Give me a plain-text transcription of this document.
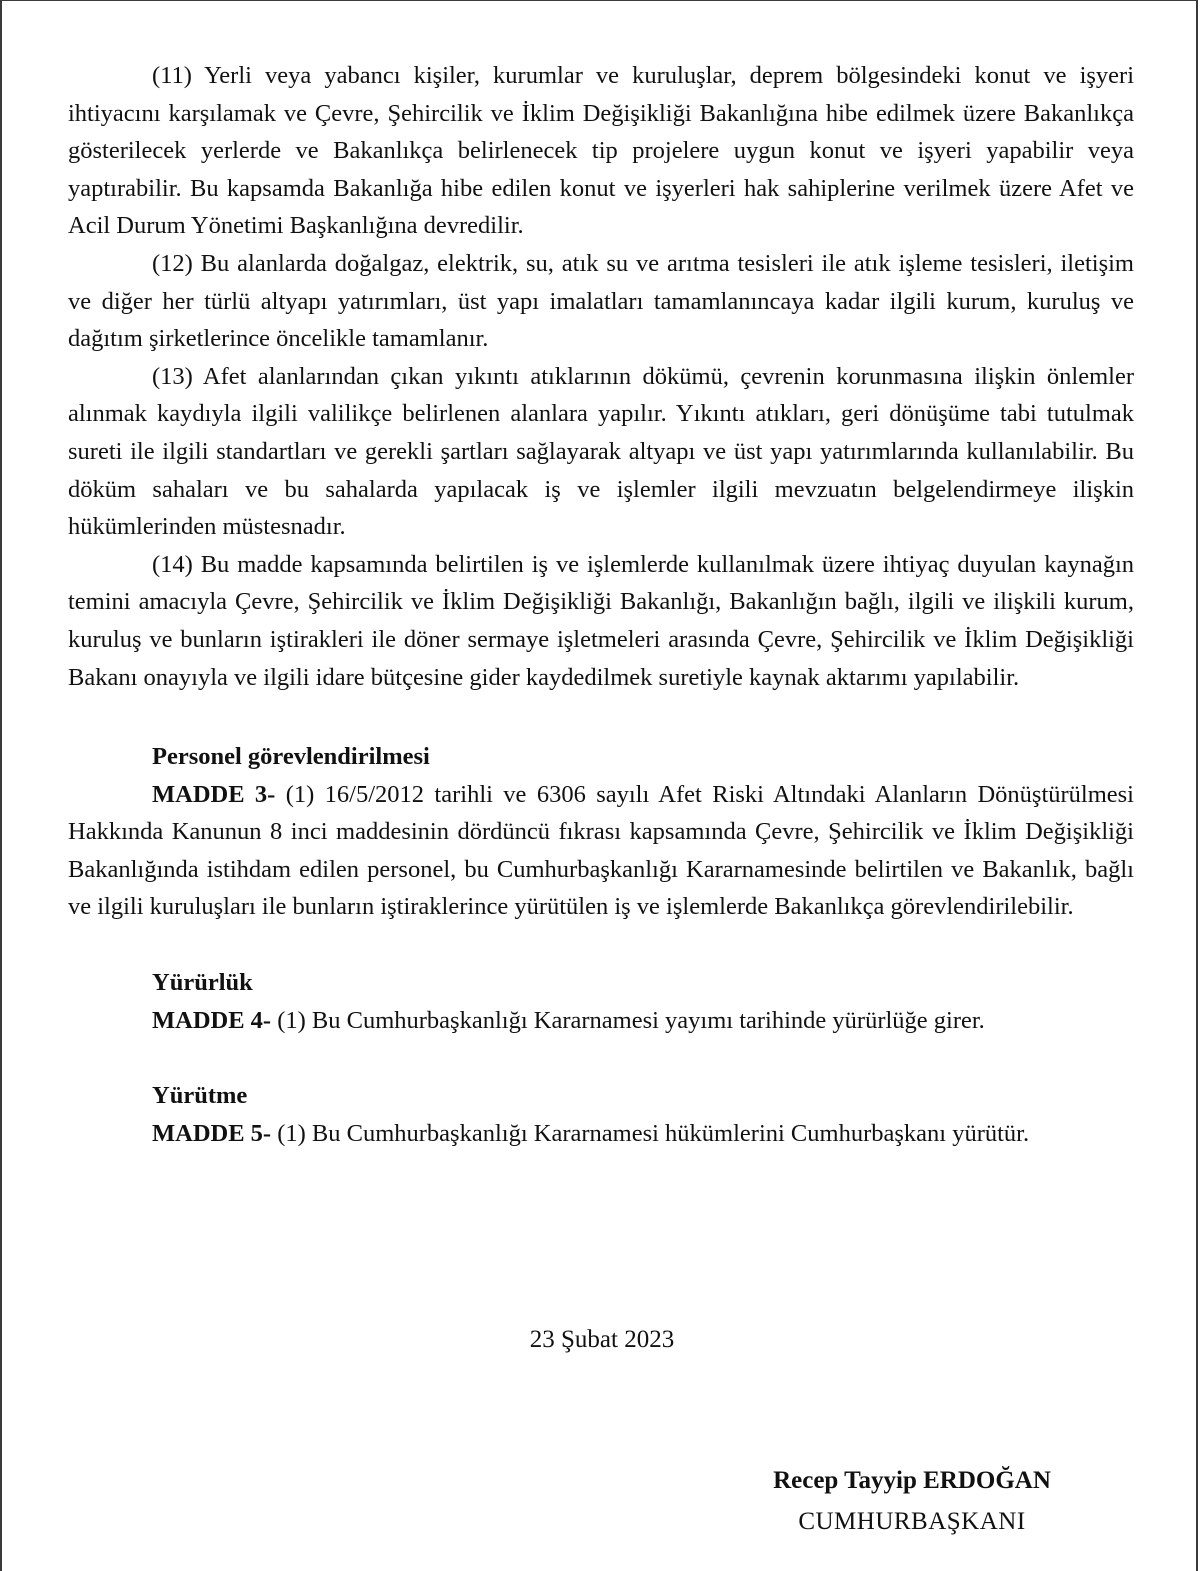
(11) Yerli veya yabancı kişiler, kurumlar ve kuruluşlar, deprem bölgesindeki konut ve işyeri ihtiyacını karşılamak ve Çevre, Şehircilik ve İklim Değişikliği Bakanlığına hibe edilmek üzere Bakanlıkça gösterilecek yerlerde ve Bakanlıkça belirlenecek tip projelere uygun konut ve işyeri yapabilir veya yaptırabilir. Bu kapsamda Bakanlığa hibe edilen konut ve işyerleri hak sahiplerine verilmek üzere Afet ve Acil Durum Yönetimi Başkanlığına devredilir.

(12) Bu alanlarda doğalgaz, elektrik, su, atık su ve arıtma tesisleri ile atık işleme tesisleri, iletişim ve diğer her türlü altyapı yatırımları, üst yapı imalatları tamamlanıncaya kadar ilgili kurum, kuruluş ve dağıtım şirketlerince öncelikle tamamlanır.

(13) Afet alanlarından çıkan yıkıntı atıklarının dökümü, çevrenin korunmasına ilişkin önlemler alınmak kaydıyla ilgili valilikçe belirlenen alanlara yapılır. Yıkıntı atıkları, geri dönüşüme tabi tutulmak sureti ile ilgili standartları ve gerekli şartları sağlayarak altyapı ve üst yapı yatırımlarında kullanılabilir. Bu döküm sahaları ve bu sahalarda yapılacak iş ve işlemler ilgili mevzuatın belgelendirmeye ilişkin hükümlerinden müstesnadır.

(14) Bu madde kapsamında belirtilen iş ve işlemlerde kullanılmak üzere ihtiyaç duyulan kaynağın temini amacıyla Çevre, Şehircilik ve İklim Değişikliği Bakanlığı, Bakanlığın bağlı, ilgili ve ilişkili kurum, kuruluş ve bunların iştirakleri ile döner sermaye işletmeleri arasında Çevre, Şehircilik ve İklim Değişikliği Bakanı onayıyla ve ilgili idare bütçesine gider kaydedilmek suretiyle kaynak aktarımı yapılabilir.

Personel görevlendirilmesi

MADDE 3- (1) 16/5/2012 tarihli ve 6306 sayılı Afet Riski Altındaki Alanların Dönüştürülmesi Hakkında Kanunun 8 inci maddesinin dördüncü fıkrası kapsamında Çevre, Şehircilik ve İklim Değişikliği Bakanlığında istihdam edilen personel, bu Cumhurbaşkanlığı Kararnamesinde belirtilen ve Bakanlık, bağlı ve ilgili kuruluşları ile bunların iştiraklerince yürütülen iş ve işlemlerde Bakanlıkça görevlendirilebilir.

Yürürlük

MADDE 4- (1) Bu Cumhurbaşkanlığı Kararnamesi yayımı tarihinde yürürlüğe girer.

Yürütme

MADDE 5- (1) Bu Cumhurbaşkanlığı Kararnamesi hükümlerini Cumhurbaşkanı yürütür.

23 Şubat 2023
Recep Tayyip ERDOĞAN
CUMHURBAŞKANI
